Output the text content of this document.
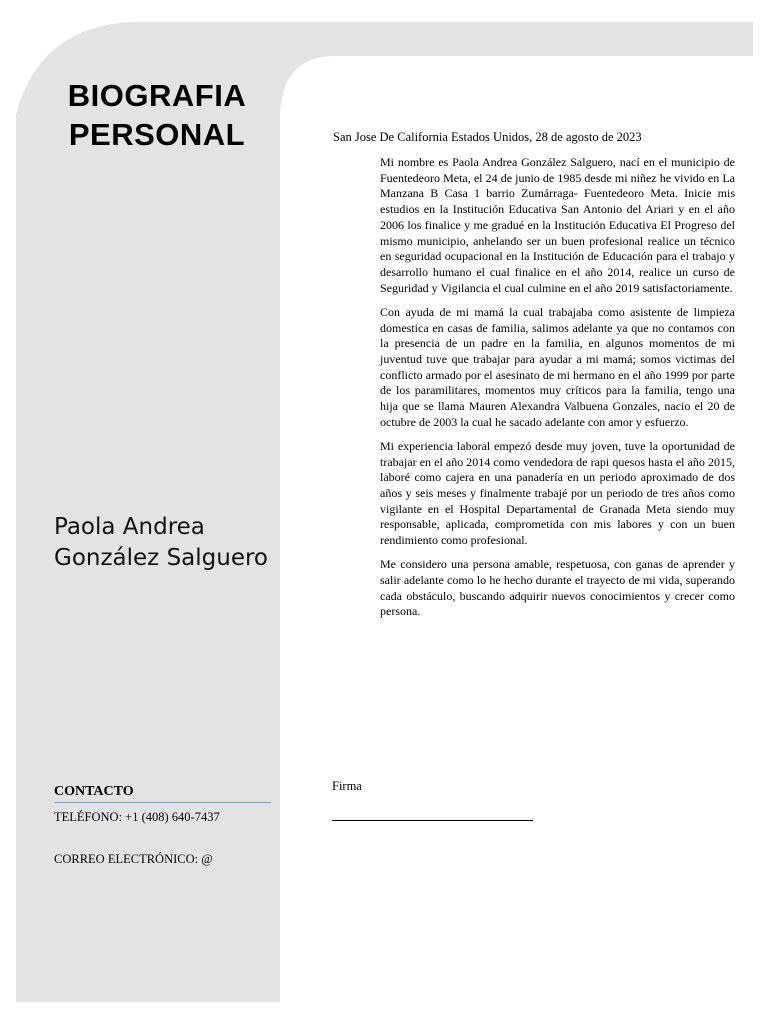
BIOGRAFIA
PERSONAL
Paola Andrea
González Salguero
CONTACTO
TELÉFONO: +1 (408) 640-7437
CORREO ELECTRÓNICO: @
San Jose De California Estados Unidos, 28 de agosto de 2023

Mi nombre es Paola Andrea González Salguero, nací en el municipio de Fuentedeoro Meta, el 24 de junio de 1985 desde mi niñez he vivido en La Manzana B Casa 1 barrio Zumárraga- Fuentedeoro Meta. Inicie mis estudios en la Institución Educativa San Antonio del Ariari y en el año 2006 los finalice y me gradué en la Institución Educativa El Progreso del mismo municipio, anhelando ser un buen profesional realice un técnico en seguridad ocupacional en la Institución de Educación para el trabajo y desarrollo humano el cual finalice en el año 2014, realice un curso de Seguridad y Vigilancia el cual culmine en el año 2019 satisfactoriamente.

Con ayuda de mi mamá la cual trabajaba como asistente de limpieza domestica en casas de familia, salimos adelante ya que no contamos con la presencia de un padre en la familia, en algunos momentos de mi juventud tuve que trabajar para ayudar a mi mamá; somos victimas del conflicto armado por el asesinato de mi hermano en el año 1999 por parte de los paramilitares, momentos muy críticos para la familia, tengo una hija que se llama Mauren Alexandra Valbuena Gonzales, nacio el 20 de octubre de 2003 la cual he sacado adelante con amor y esfuerzo.

Mi experiencia laboral empezó desde muy joven, tuve la oportunidad de trabajar en el año 2014 como vendedora de rapi quesos hasta el año 2015, laboré como cajera en una panadería en un periodo aproximado de dos años y seis meses y finalmente trabajé por un periodo de tres años como vigilante en el Hospital Departamental de Granada Meta siendo muy responsable, aplicada, comprometida con mis labores y con un buen rendimiento como profesional.

Me considero una persona amable, respetuosa, con ganas de aprender y salir adelante como lo he hecho durante el trayecto de mi vida, superando cada obstáculo, buscando adquirir nuevos conocimientos y crecer como persona.

Firma
